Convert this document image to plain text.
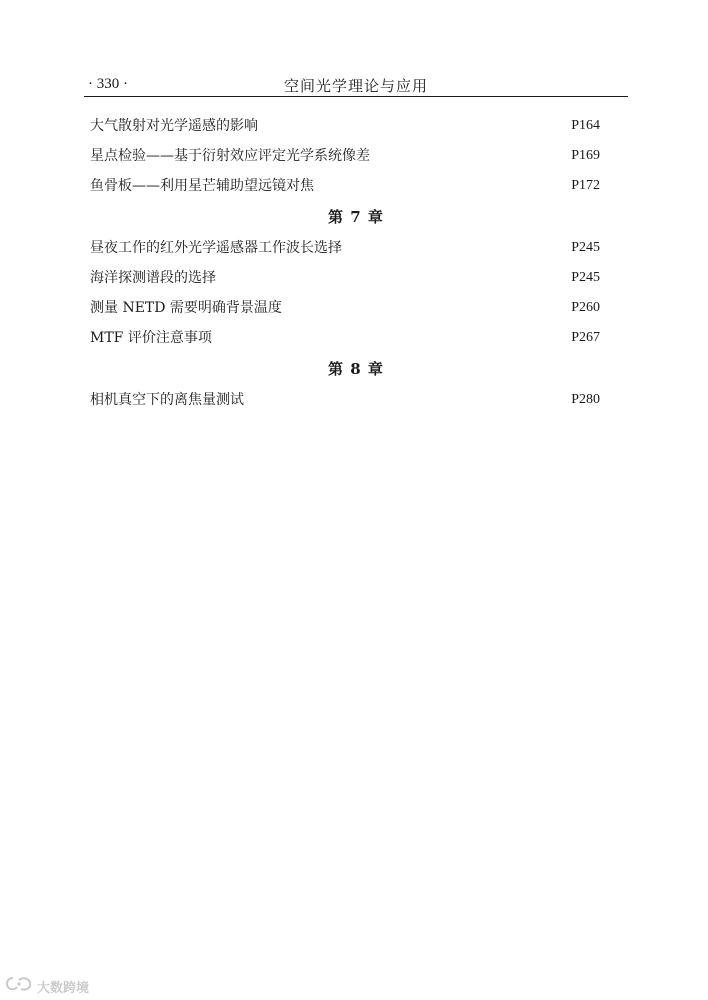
· 330 ·	空间光学理论与应用
大气散射对光学遥感的影响	P164
星点检验——基于衍射效应评定光学系统像差	P169
鱼骨板——利用星芒辅助望远镜对焦	P172
第 7 章
昼夜工作的红外光学遥感器工作波长选择	P245
海洋探测谱段的选择	P245
测量 NETD 需要明确背景温度	P260
MTF 评价注意事项	P267
第 8 章
相机真空下的离焦量测试	P280
大数跨境
